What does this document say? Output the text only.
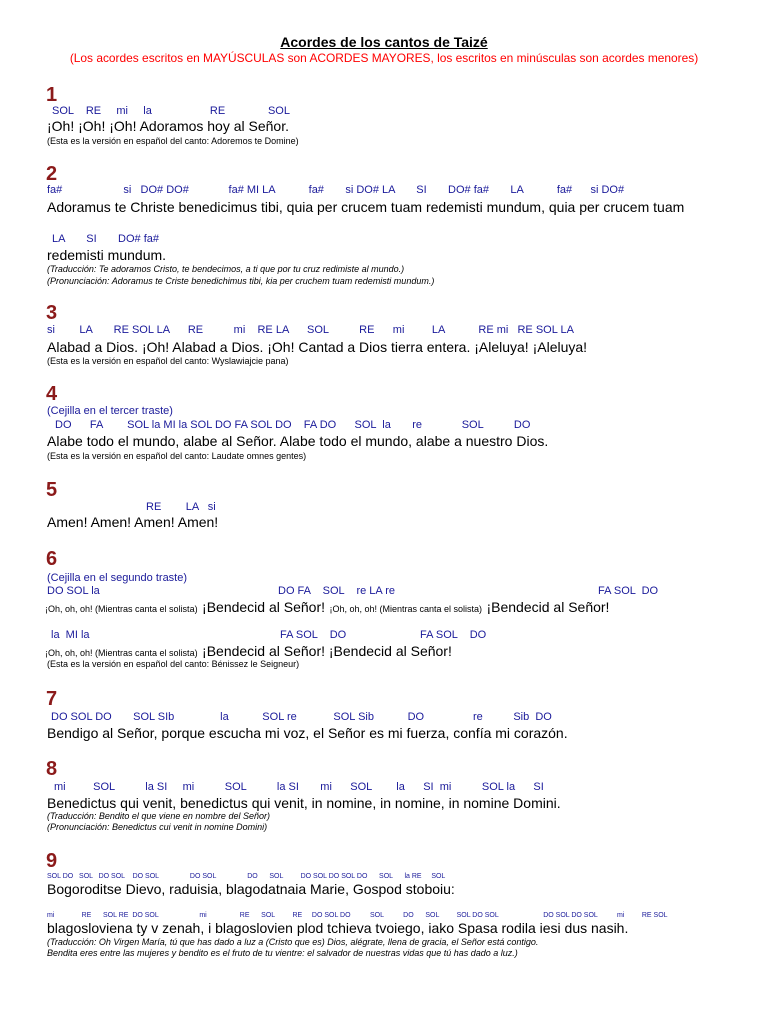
Acordes de los cantos de Taizé
(Los acordes escritos en MAYÚSCULAS son ACORDES MAYORES, los escritos en minúsculas son acordes menores)
1
SOL    RE     mi     la                   RE              SOL
¡Oh! ¡Oh! ¡Oh! Adoramos hoy al Señor.
(Esta es la versión en español del canto: Adoremos te Domine)
2
fa#                    si   DO# DO#             fa# MI LA           fa#       si DO# LA       SI       DO# fa#       LA           fa#      si DO#
Adoramus te Christe benedicimus tibi, quia per crucem tuam redemisti mundum, quia per crucem tuam
LA       SI       DO# fa#
redemisti mundum.
(Traducción: Te adoramos Cristo, te bendecimos, a ti que por tu cruz redimiste al mundo.)
(Pronunciación: Adoramus te Criste benedichimus tibi, kia per cruchem tuam redemisti mundum.)
3
si        LA       RE SOL LA      RE          mi    RE LA      SOL          RE      mi         LA           RE mi   RE SOL LA
Alabad a Dios. ¡Oh! Alabad a Dios. ¡Oh! Cantad a Dios tierra entera. ¡Aleluya! ¡Aleluya!
(Esta es la versión en español del canto: Wyslawiajcie pana)
4
(Cejilla en el tercer traste)
DO      FA        SOL la MI la SOL DO FA SOL DO    FA DO      SOL  la       re             SOL          DO
Alabe todo el mundo, alabe al Señor. Alabe todo el mundo, alabe a nuestro Dios.
(Esta es la versión en español del canto: Laudate omnes gentes)
5
RE        LA   si
Amen! Amen! Amen! Amen!
6
(Cejilla en el segundo traste)
DO SOL la	DO FA    SOL    re LA re	FA SOL  DO
¡Oh, oh, oh! (Mientras canta el solista) ¡Bendecid al Señor! ¡Oh, oh, oh! (Mientras canta el solista) ¡Bendecid al Señor!
la  MI la	FA SOL    DO	FA SOL    DO
¡Oh, oh, oh! (Mientras canta el solista) ¡Bendecid al Señor! ¡Bendecid al Señor!
(Esta es la versión en español del canto: Bénissez le Seigneur)
7
DO SOL DO       SOL SIb               la           SOL re            SOL Sib           DO                re          Sib  DO
Bendigo al Señor, porque escucha mi voz, el Señor es mi fuerza, confía mi corazón.
8
mi         SOL          la SI     mi          SOL          la SI       mi      SOL        la      SI  mi          SOL la      SI
Benedictus qui venit, benedictus qui venit, in nomine, in nomine, in nomine Domini.
(Traducción: Bendito el que viene en nombre del Señor)
(Pronunciación: Benedictus cui venit in nomine Domini)
9
SOL DO   SOL   DO SOL    DO SOL                DO SOL                DO      SOL         DO SOL DO SOL DO      SOL      la RE     SOL
Bogoroditse Dievo, raduisia, blagodatnaia Marie, Gospod stoboiu:
mi              RE      SOL RE  DO SOL                     mi                 RE      SOL         RE     DO SOL DO          SOL          DO      SOL         SOL DO SOL                       DO SOL DO SOL          mi         RE SOL
blagosloviena ty v zenah, i blagoslovien plod tchieva tvoiego, iako Spasa rodila iesi dus nasih.
(Traducción: Oh Virgen María, tú que has dado a luz a (Cristo que es) Dios, alégrate, llena de gracia, el Señor está contigo.
Bendita eres entre las mujeres y bendito es el fruto de tu vientre: el salvador de nuestras vidas que tú has dado a luz.)
